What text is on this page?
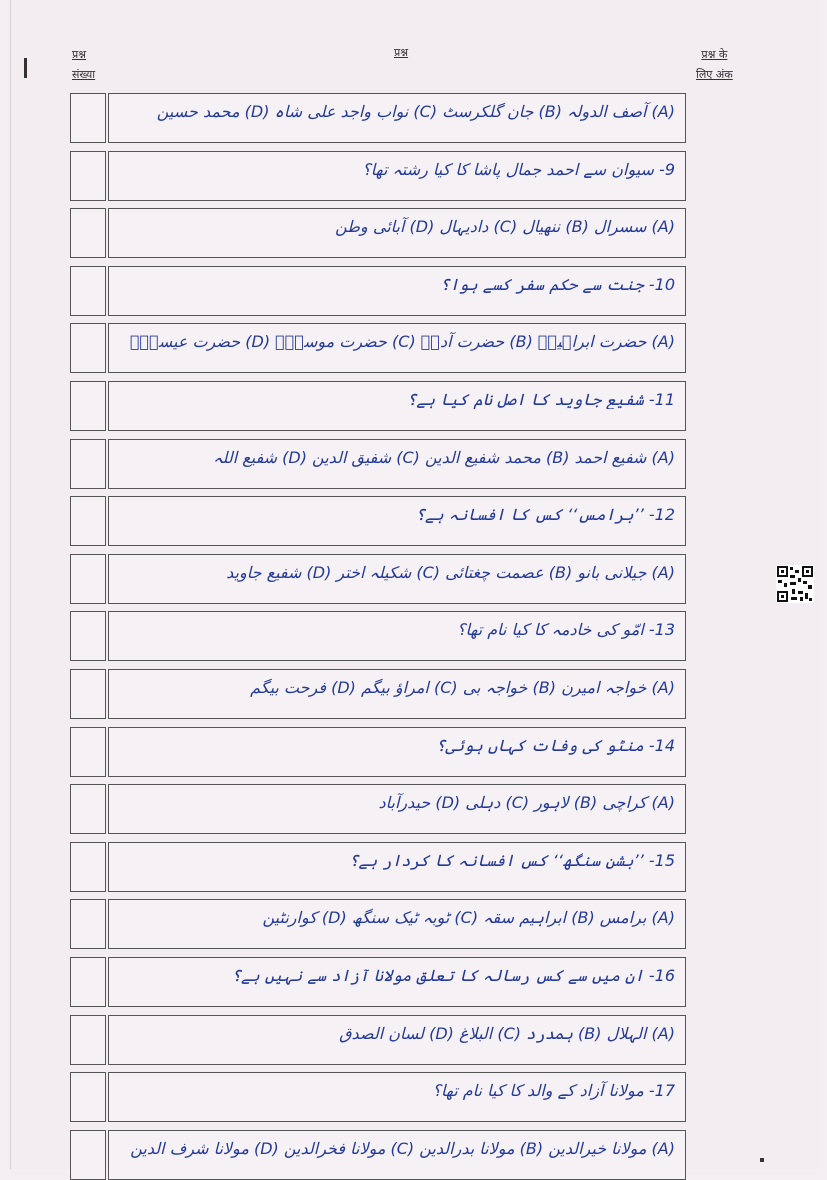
प्रश्न
संख्या
प्रश्न	प्रश्न के
लिए अंक
(A) آصف الدولہ (B) جان گلکرسٹ (C) نواب واجد علی شاہ (D) محمد حسین
9- سیوان سے احمد جمال پاشا کا کیا رشتہ تھا؟
(A) سسرال (B) ننھیال (C) دادیہال (D) آبائی وطن
10- جنت سے حکم سفر کسے ہوا؟
(A) حضرت ابراہیمؑ (B) حضرت آدمؑ (C) حضرت موسیٰؑ (D) حضرت عیسیٰؑ
11- شفیع جاوید کا اصل نام کیا ہے؟
(A) شفیع احمد (B) محمد شفیع الدین (C) شفیق الدین (D) شفیع اللہ
12- ’’برامس‘‘ کس کا افسانہ ہے؟
(A) جیلانی بانو (B) عصمت چغتائی (C) شکیلہ اختر (D) شفیع جاوید
13- امّو کی خادمہ کا کیا نام تھا؟
(A) خواجہ امیرن (B) خواجہ بی (C) امراؤ بیگم (D) فرحت بیگم
14- منٹو کی وفات کہاں ہوئی؟
(A) کراچی (B) لاہور (C) دہلی (D) حیدرآباد
15- ’’بشن سنگھ‘‘ کس افسانہ کا کردار ہے؟
(A) برامس (B) ابراہیم سقہ (C) ٹوبہ ٹیک سنگھ (D) کوارنٹین
16- ان میں سے کس رسالہ کا تعلق مولانا آزاد سے نہیں ہے؟
(A) الہلال (B) ہمدرد (C) البلاغ (D) لسان الصدق
17- مولانا آزاد کے والد کا کیا نام تھا؟
(A) مولانا خیرالدین (B) مولانا بدرالدین (C) مولانا فخرالدین (D) مولانا شرف الدین
